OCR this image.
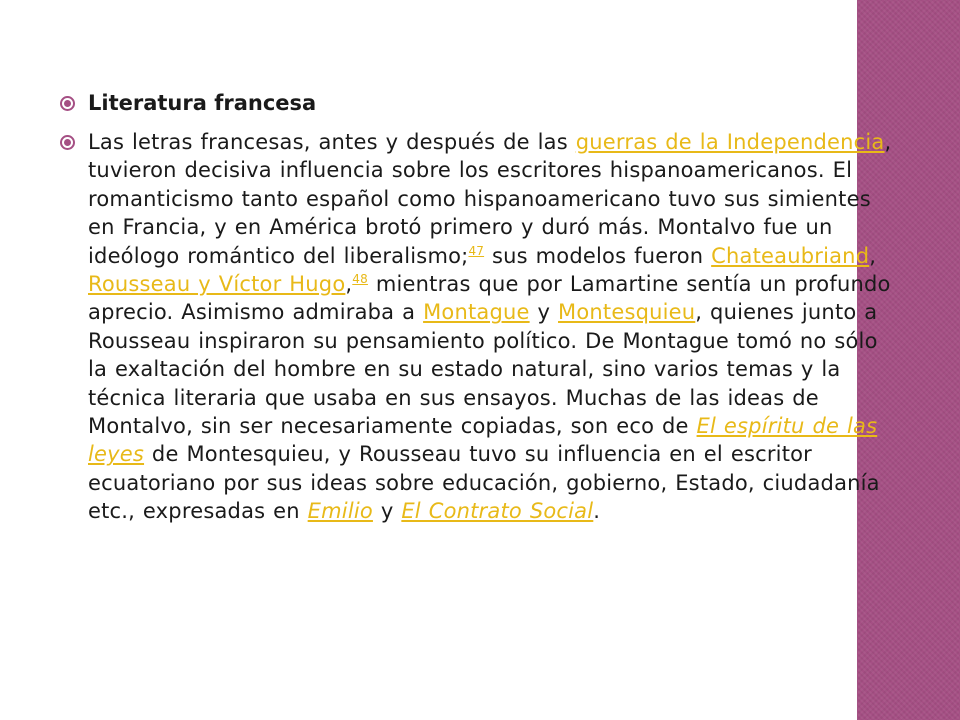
Literatura francesa
Las letras francesas, antes y después de las guerras de la Independencia, tuvieron decisiva influencia sobre los escritores hispanoamericanos. El romanticismo tanto español como hispanoamericano tuvo sus simientes en Francia, y en América brotó primero y duró más. Montalvo fue un ideólogo romántico del liberalismo;$^{47}$ sus modelos fueron Chateaubriand, Rousseau y Víctor Hugo,$^{48}$ mientras que por Lamartine sentía un profundo aprecio. Asimismo admiraba a Montague y Montesquieu, quienes junto a Rousseau inspiraron su pensamiento político. De Montague tomó no sólo la exaltación del hombre en su estado natural, sino varios temas y la técnica literaria que usaba en sus ensayos. Muchas de las ideas de Montalvo, sin ser necesariamente copiadas, son eco de El espíritu de las leyes de Montesquieu, y Rousseau tuvo su influencia en el escritor ecuatoriano por sus ideas sobre educación, gobierno, Estado, ciudadanía etc., expresadas en Emilio y El Contrato Social.
